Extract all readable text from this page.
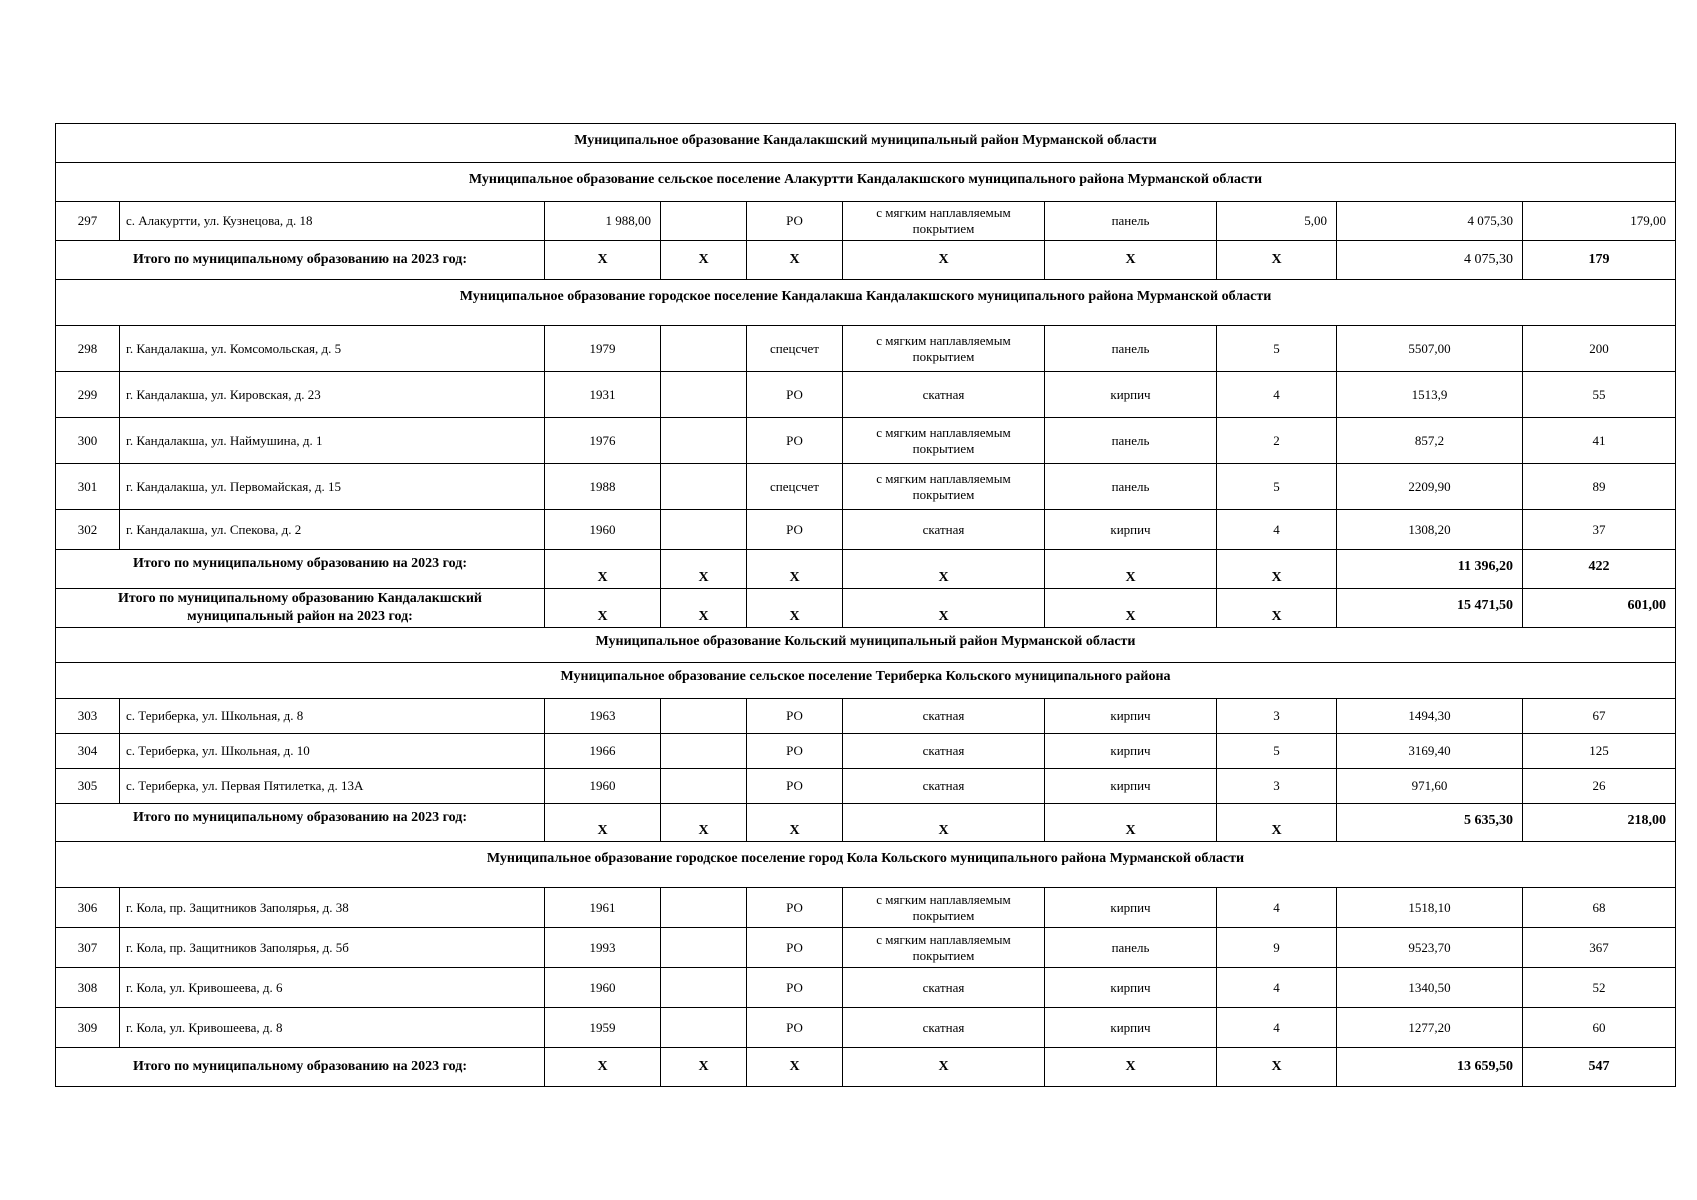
Муниципальное образование Кандалакшский муниципальный район Мурманской области									
Муниципальное образование сельское поселение Алакуртти Кандалакшского муниципального района Мурманской области									
297	с. Алакуртти, ул. Кузнецова, д. 18	1 988,00		РО	с мягким наплавляемым покрытием	панель	5,00	4 075,30	179,00
Итого по муниципальному образованию на 2023 год:		Х	Х	Х	Х	Х	Х	4 075,30	179
Муниципальное образование городское поселение Кандалакша Кандалакшского муниципального района Мурманской области									
298	г. Кандалакша, ул. Комсомольская, д. 5	1979		спецсчет	с мягким наплавляемым покрытием	панель	5	5507,00	200
299	г. Кандалакша, ул. Кировская, д. 23	1931		РО	скатная	кирпич	4	1513,9	55
300	г. Кандалакша, ул. Наймушина, д. 1	1976		РО	с мягким наплавляемым покрытием	панель	2	857,2	41
301	г. Кандалакша, ул. Первомайская, д. 15	1988		спецсчет	с мягким наплавляемым покрытием	панель	5	2209,90	89
302	г. Кандалакша, ул. Спекова, д. 2	1960		РО	скатная	кирпич	4	1308,20	37
Итого по муниципальному образованию на 2023 год:		Х	Х	Х	Х	Х	Х	11 396,20	422
Итого по муниципальному образованию Кандалакшский муниципальный район на 2023 год:		Х	Х	Х	Х	Х	Х	15 471,50	601,00
Муниципальное образование Кольский муниципальный район Мурманской области									
Муниципальное образование сельское поселение Териберка Кольского муниципального района									
303	с. Териберка, ул. Школьная, д. 8	1963		РО	скатная	кирпич	3	1494,30	67
304	с. Териберка, ул. Школьная, д. 10	1966		РО	скатная	кирпич	5	3169,40	125
305	с. Териберка, ул. Первая Пятилетка, д. 13А	1960		РО	скатная	кирпич	3	971,60	26
Итого по муниципальному образованию на 2023 год:		Х	Х	Х	Х	Х	Х	5 635,30	218,00
Муниципальное образование городское поселение город Кола Кольского муниципального района Мурманской области									
306	г. Кола, пр. Защитников Заполярья, д. 38	1961		РО	с мягким наплавляемым покрытием	кирпич	4	1518,10	68
307	г. Кола, пр. Защитников Заполярья, д. 5б	1993		РО	с мягким наплавляемым покрытием	панель	9	9523,70	367
308	г. Кола, ул. Кривошеева, д. 6	1960		РО	скатная	кирпич	4	1340,50	52
309	г. Кола, ул. Кривошеева, д. 8	1959		РО	скатная	кирпич	4	1277,20	60
Итого по муниципальному образованию на 2023 год:		Х	Х	Х	Х	Х	Х	13 659,50	547
